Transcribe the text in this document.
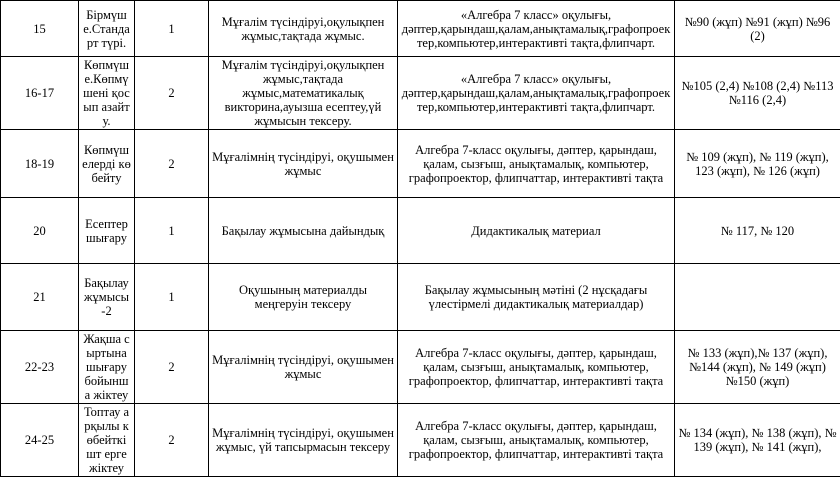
15	Бірмүше.Стандарт түрі.	1	Мұғалім түсіндіруі,оқулықпен жұмыс,тақтада жұмыс.	«Алгебра 7 класс» оқулығы, дәптер,қарындаш,қалам,анықтамалық,графопроектер,компьютер,интерактивті тақта,флипчарт.	№90 (жұп) №91 (жұп) №96 (2)
16-17	Көпмүше.Көпмүшені қосып азайту.	2	Мұғалім түсіндіруі,оқулықпен жұмыс,тақтада жұмыс,математикалық викторина,ауызша есептеу,үй жұмысын тексеру.	«Алгебра 7 класс» оқулығы, дәптер,қарындаш,қалам,анықтамалық,графопроектер,компьютер,интерактивті тақта,флипчарт.	№105 (2,4) №108 (2,4) №113 №116 (2,4)
18-19	Көпмүшелерді көбейту	2	Мұғалімнің түсіндіруі, оқушымен жұмыс	Алгебра 7-класс оқулығы, дәптер, қарындаш, қалам, сызғыш, анықтамалық, компьютер, графопроектор, флипчаттар, интерактивті тақта	№ 109 (жұп), № 119 (жұп), 123 (жұп), № 126 (жұп)
20	Есептер шығару	1	Бақылау жұмысына дайындық	Дидактикалық материал	№ 117, № 120
21	Бақылау жұмысы-2	1	Оқушының материалды меңгеруін тексеру	Бақылау жұмысының мәтіні (2 нұсқадағы үлестірмелі дидактикалық материалдар)	
22-23	Жақша сыртына шығару бойынша жіктеу	2	Мұғалімнің түсіндіруі, оқушымен жұмыс	Алгебра 7-класс оқулығы, дәптер, қарындаш, қалам, сызғыш, анықтамалық, компьютер, графопроектор, флипчаттар, интерактивті тақта	№ 133 (жұп),№ 137 (жұп), №144 (жұп), № 149 (жұп) №150 (жұп)
24-25	Топтау арқылы көбейткішт ерге жіктеу	2	Мұғалімнің түсіндіруі, оқушымен жұмыс, үй тапсырмасын тексеру	Алгебра 7-класс оқулығы, дәптер, қарындаш, қалам, сызғыш, анықтамалық, компьютер, графопроектор, флипчаттар, интерактивті тақта	№ 134 (жұп), № 138 (жұп), № 139 (жұп), № 141 (жұп),
